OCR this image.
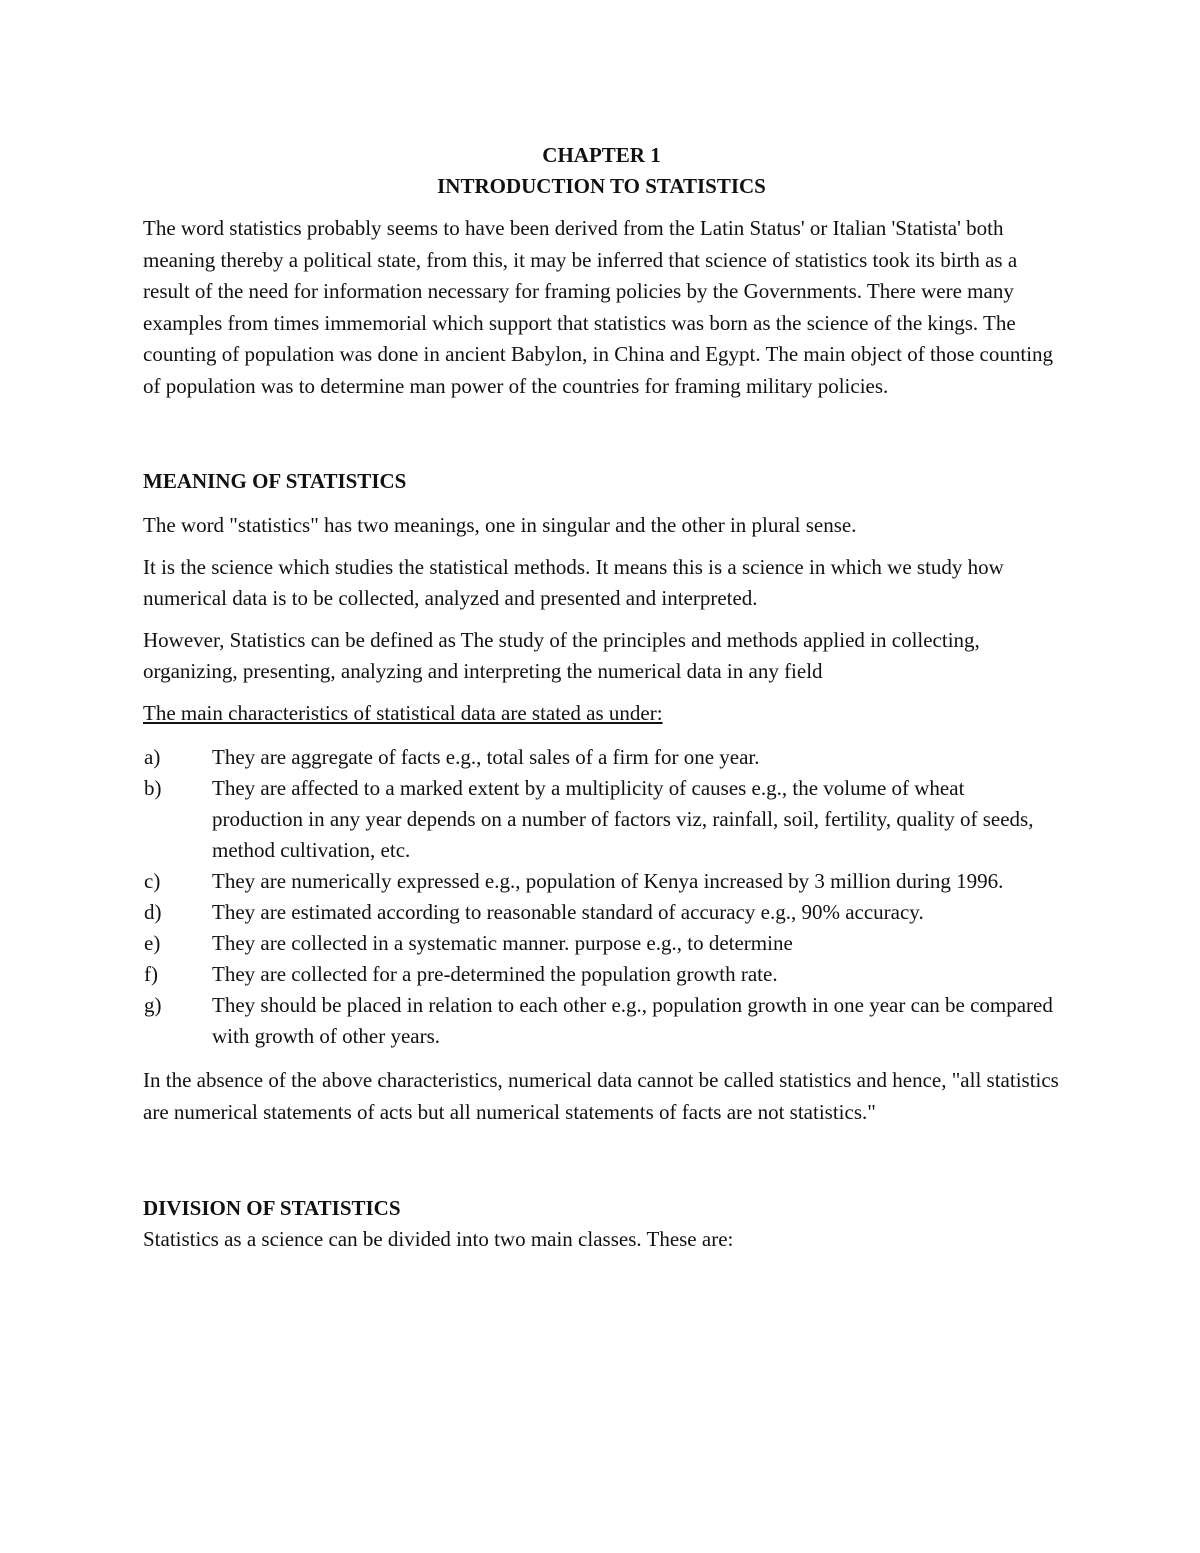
CHAPTER 1
INTRODUCTION TO STATISTICS

The word statistics probably seems to have been derived from the Latin Status' or Italian 'Statista' both meaning thereby a political state, from this, it may be inferred that science of statistics took its birth as a result of the need for information necessary for framing policies by the Governments. There were many examples from times immemorial which support that statistics was born as the science of the kings. The counting of population was done in ancient Babylon, in China and Egypt. The main object of those counting of population was to determine man power of the countries for framing military policies.

MEANING OF STATISTICS

The word "statistics" has two meanings, one in singular and the other in plural sense.

It is the science which studies the statistical methods. It means this is a science in which we study how numerical data is to be collected, analyzed and presented and interpreted.

However, Statistics can be defined as The study of the principles and methods applied in collecting, organizing, presenting, analyzing and interpreting the numerical data in any field

The main characteristics of statistical data are stated as under:

a)	They are aggregate of facts e.g., total sales of a firm for one year.
b)	They are affected to a marked extent by a multiplicity of causes e.g., the volume of wheat production in any year depends on a number of factors viz, rainfall, soil, fertility, quality of seeds, method cultivation, etc.
c)	They are numerically expressed e.g., population of Kenya increased by 3 million during 1996.
d)	They are estimated according to reasonable standard of accuracy e.g., 90% accuracy.
e)	They are collected in a systematic manner. purpose e.g., to determine
f)	They are collected for a pre-determined the population growth rate.
g)	They should be placed in relation to each other e.g., population growth in one year can be compared with growth of other years.

In the absence of the above characteristics, numerical data cannot be called statistics and hence, "all statistics are numerical statements of acts but all numerical statements of facts are not statistics."

DIVISION OF STATISTICS

Statistics as a science can be divided into two main classes. These are:
